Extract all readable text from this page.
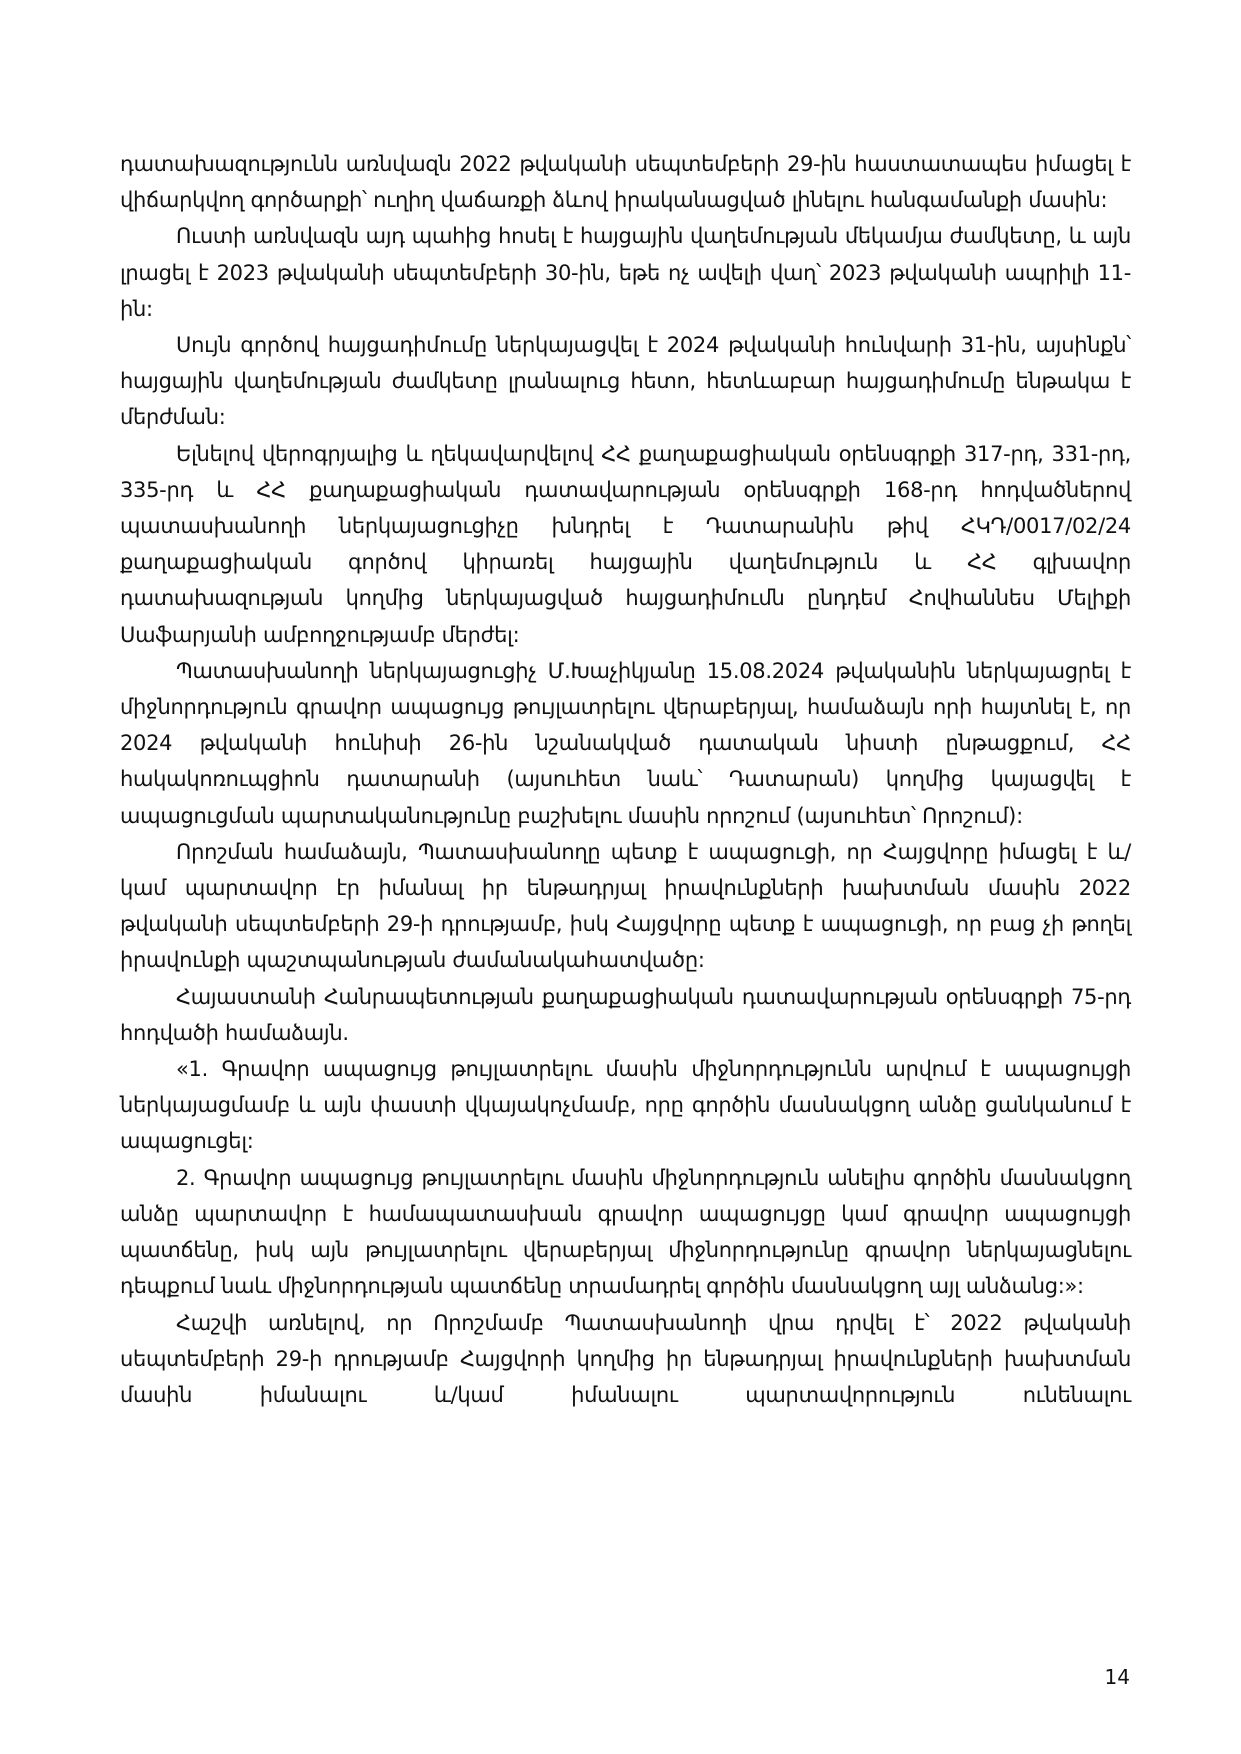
դատախազությունն առնվազն 2022 թվականի սեպտեմբերի 29-ին հաստատապես իմացել է վիճարկվող գործարքի՝ ուղիղ վաճառքի ձևով իրականացված լինելու հանգամանքի մասին:

Ուստի առնվազն այդ պահից հոսել է հայցային վաղեմության մեկամյա ժամկետը, և այն լրացել է 2023 թվականի սեպտեմբերի 30-ին, եթե ոչ ավելի վաղ՝ 2023 թվականի ապրիլի 11-ին:

Սույն գործով հայցադիմումը ներկայացվել է 2024 թվականի հունվարի 31-ին, այսինքն՝ հայցային վաղեմության ժամկետը լրանալուց հետո, հետևաբար հայցադիմումը ենթակա է մերժման:

Ելնելով վերոգրյալից և ղեկավարվելով ՀՀ քաղաքացիական օրենսգրքի 317-րդ, 331-րդ, 335-րդ և ՀՀ քաղաքացիական դատավարության օրենսգրքի 168-րդ հոդվածներով պատասխանողի ներկայացուցիչը խնդրել է Դատարանին թիվ ՀԿԴ/0017/02/24 քաղաքացիական գործով կիրառել հայցային վաղեմություն և ՀՀ գլխավոր դատախազության կողմից ներկայացված հայցադիմումն ընդդեմ Հովհաննես Մելիքի Սաֆարյանի ամբողջությամբ մերժել:

Պատասխանողի ներկայացուցիչ Մ.Խաչիկյանը 15.08.2024 թվականին ներկայացրել է միջնորդություն գրավոր ապացույց թույլատրելու վերաբերյալ, համաձայն որի հայտնել է, որ 2024 թվականի հունիսի 26-ին նշանակված դատական նիստի ընթացքում, ՀՀ հակակոռուպցիոն դատարանի (այսուհետ նաև՝ Դատարան) կողմից կայացվել է ապացուցման պարտականությունը բաշխելու մասին որոշում (այսուհետ՝ Որոշում):

Որոշման համաձայն, Պատասխանողը պետք է ապացուցի, որ Հայցվորը իմացել է և/կամ պարտավոր էր իմանալ իր ենթադրյալ իրավունքների խախտման մասին 2022 թվականի սեպտեմբերի 29-ի դրությամբ, իսկ Հայցվորը պետք է ապացուցի, որ բաց չի թողել իրավունքի պաշտպանության ժամանակահատվածը:

Հայաստանի Հանրապետության քաղաքացիական դատավարության օրենսգրքի 75-րդ հոդվածի համաձայն.

«1. Գրավոր ապացույց թույլատրելու մասին միջնորդությունն արվում է ապացույցի ներկայացմամբ և այն փաստի վկայակոչմամբ, որը գործին մասնակցող անձը ցանկանում է ապացուցել:

2. Գրավոր ապացույց թույլատրելու մասին միջնորդություն անելիս գործին մասնակցող անձը պարտավոր է համապատասխան գրավոր ապացույցը կամ գրավոր ապացույցի պատճենը, իսկ այն թույլատրելու վերաբերյալ միջնորդությունը գրավոր ներկայացնելու դեպքում նաև միջնորդության պատճենը տրամադրել գործին մասնակցող այլ անձանց:»:

Հաշվի առնելով, որ Որոշմամբ Պատասխանողի վրա դրվել է՝ 2022 թվականի սեպտեմբերի 29-ի դրությամբ Հայցվորի կողմից իր ենթադրյալ իրավունքների խախտման մասին իմանալու և/կամ իմանալու պարտավորություն ունենալու

14
